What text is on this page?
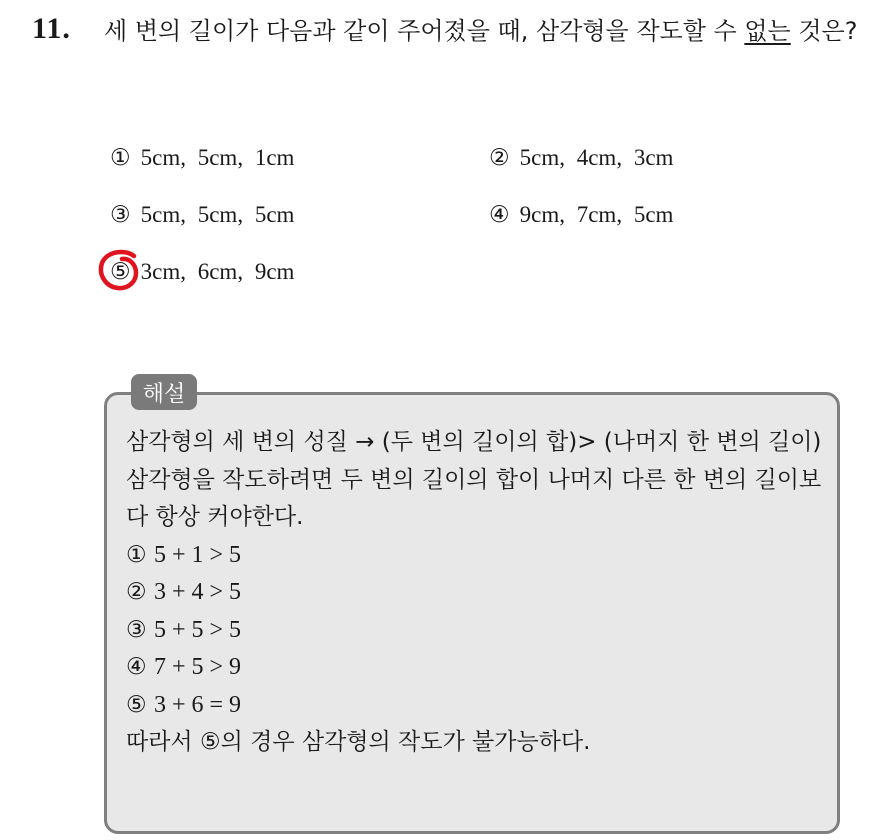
11. 세 변의 길이가 다음과 같이 주어졌을 때, 삼각형을 작도할 수 없는 것은?
① 5cm, 5cm, 1cm	② 5cm, 4cm, 3cm
③ 5cm, 5cm, 5cm	④ 9cm, 7cm, 5cm
⑤ 3cm, 6cm, 9cm
해설
삼각형의 세 변의 성질 → (두 변의 길이의 합)> (나머지 한 변의 길이)
삼각형을 작도하려면 두 변의 길이의 합이 나머지 다른 한 변의 길이보다 항상 커야한다.
① 5 + 1 > 5
② 3 + 4 > 5
③ 5 + 5 > 5
④ 7 + 5 > 9
⑤ 3 + 6 = 9
따라서 ⑤의 경우 삼각형의 작도가 불가능하다.
